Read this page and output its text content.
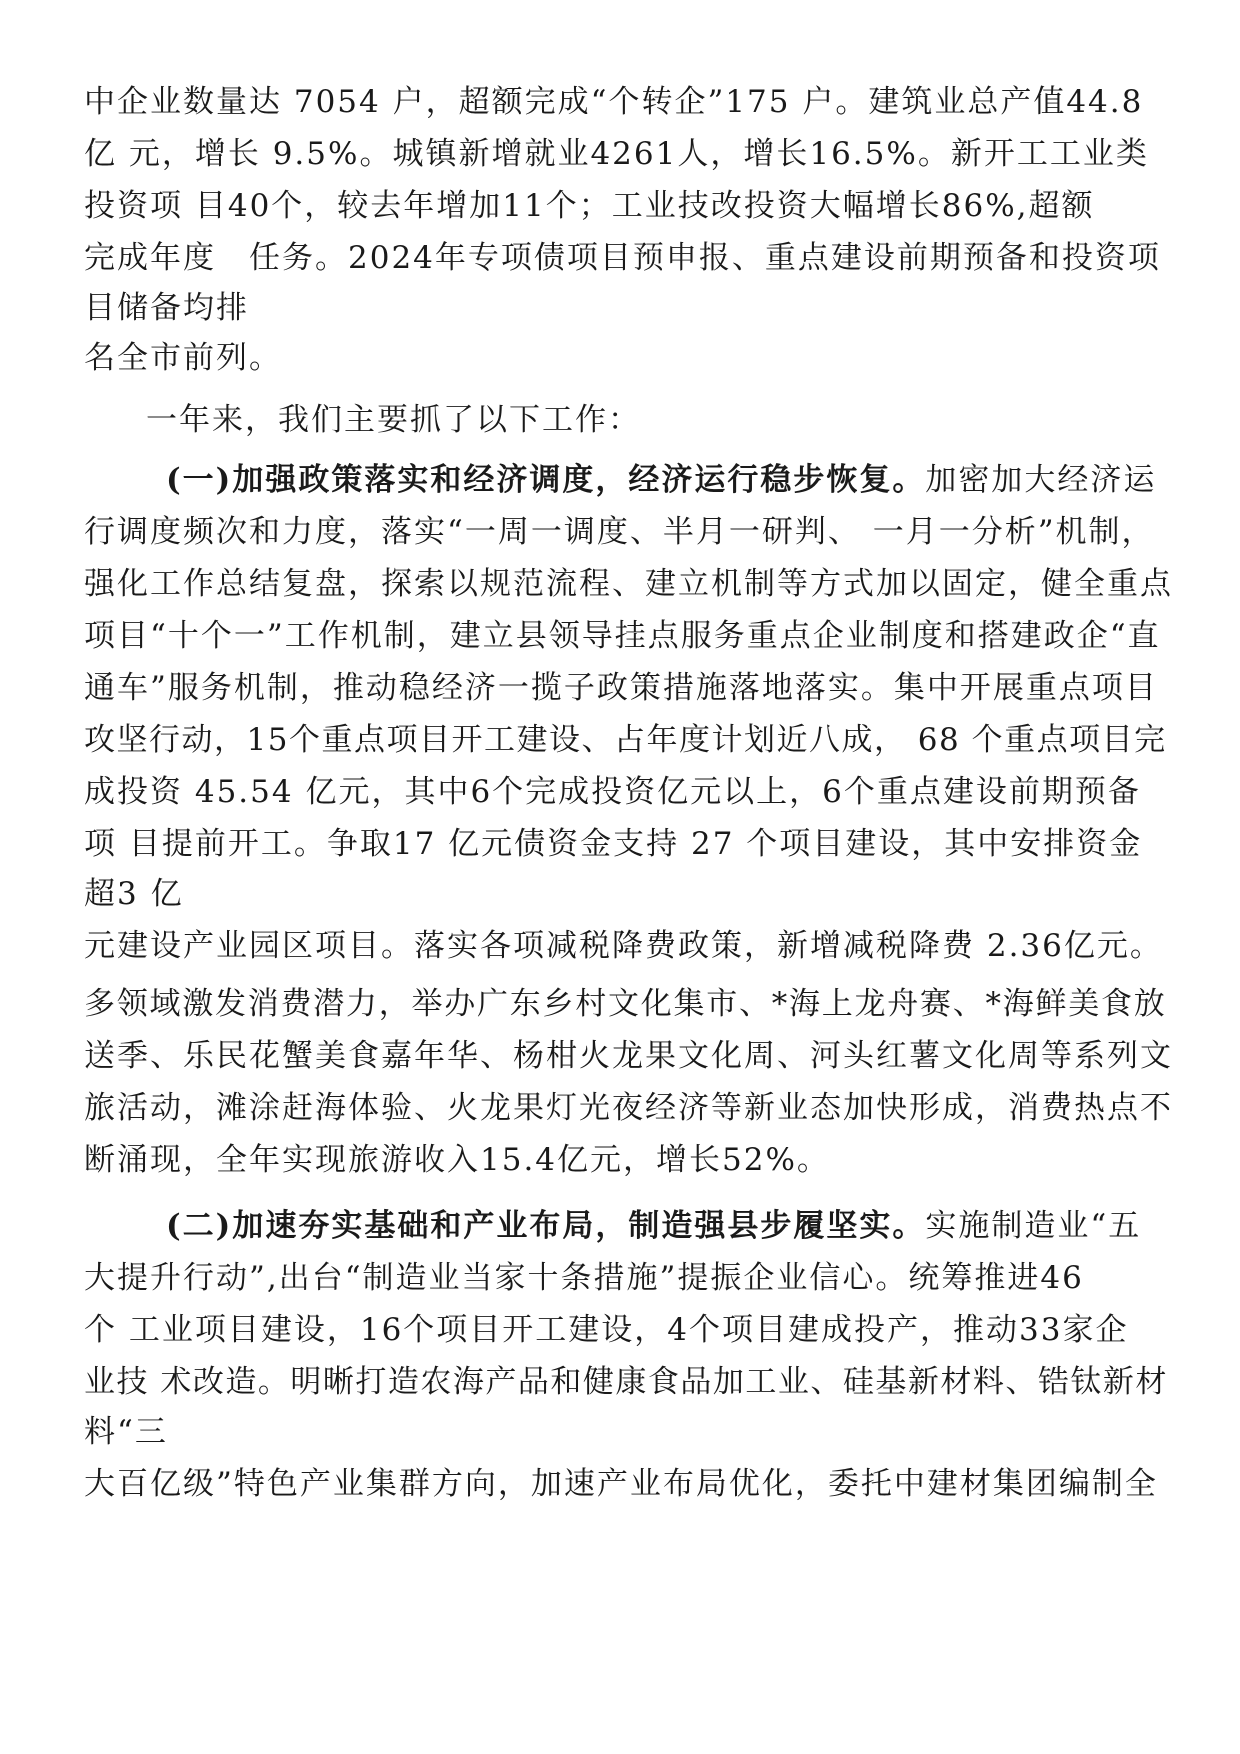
中企业数量达 7054 户，超额完成“个转企”175 户。建筑业总产值44.8
亿 元，增长 9.5%。城镇新增就业4261人，增长16.5%。新开工工业类
投资项 目40个，较去年增加11个；工业技改投资大幅增长86%,超额
完成年度　任务。2024年专项债项目预申报、重点建设前期预备和投资项
目储备均排
名全市前列。
一年来，我们主要抓了以下工作：
(一)加强政策落实和经济调度，经济运行稳步恢复。加密加大经济运
行调度频次和力度，落实“一周一调度、半月一研判、 一月一分析”机制，
强化工作总结复盘，探索以规范流程、建立机制等方式加以固定，健全重点
项目“十个一”工作机制，建立县领导挂点服务重点企业制度和搭建政企“直
通车”服务机制，推动稳经济一揽子政策措施落地落实。集中开展重点项目
攻坚行动，15个重点项目开工建设、占年度计划近八成， 68 个重点项目完
成投资 45.54 亿元，其中6个完成投资亿元以上，6个重点建设前期预备
项 目提前开工。争取17 亿元债资金支持 27 个项目建设，其中安排资金
超3 亿
元建设产业园区项目。落实各项减税降费政策，新增减税降费 2.36亿元。
多领域激发消费潜力，举办广东乡村文化集市、*海上龙舟赛、*海鲜美食放
送季、乐民花蟹美食嘉年华、杨柑火龙果文化周、河头红薯文化周等系列文
旅活动，滩涂赶海体验、火龙果灯光夜经济等新业态加快形成，消费热点不
断涌现，全年实现旅游收入15.4亿元，增长52%。
(二)加速夯实基础和产业布局，制造强县步履坚实。实施制造业“五
大提升行动”,出台“制造业当家十条措施”提振企业信心。统筹推进46
个 工业项目建设，16个项目开工建设，4个项目建成投产，推动33家企
业技 术改造。明晰打造农海产品和健康食品加工业、硅基新材料、锆钛新材
料“三
大百亿级”特色产业集群方向，加速产业布局优化，委托中建材集团编制全
